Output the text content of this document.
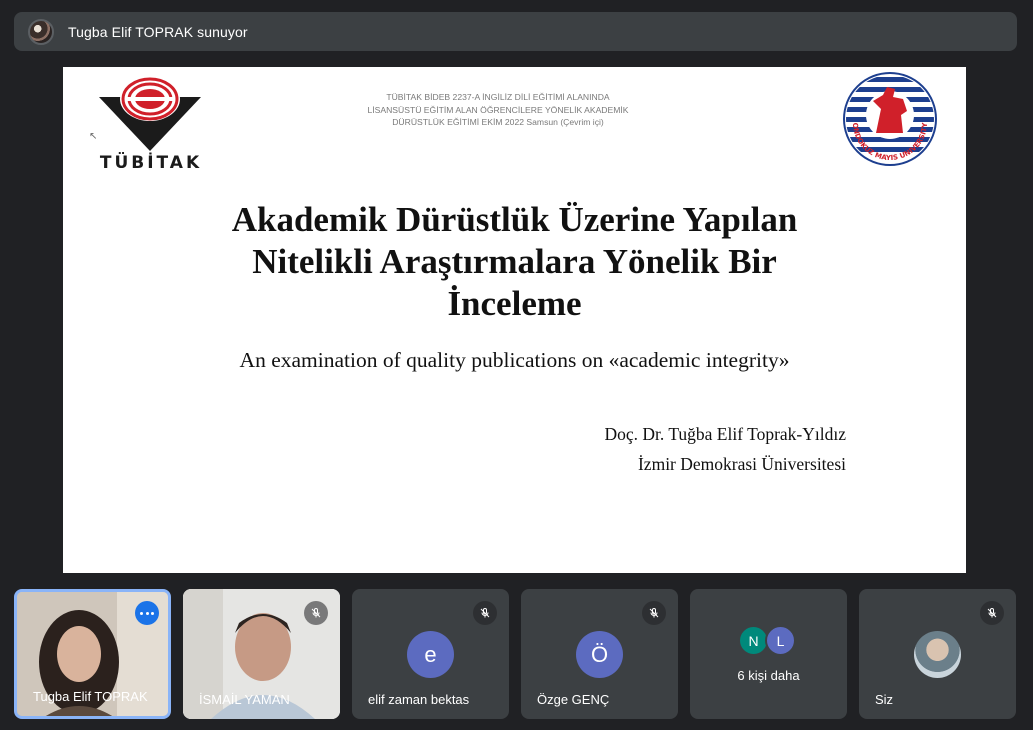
Tugba Elif TOPRAK sunuyor
TÜBİTAK
↖
TÜBİTAK BİDEB 2237-A İNGİLİZ DİLİ EĞİTİMİ ALANINDA
LİSANSÜSTÜ EĞİTİM ALAN ÖĞRENCİLERE YÖNELİK AKADEMİK
DÜRÜSTLÜK EĞİTİMİ EKİM 2022 Samsun (Çevrim içi)	ONDOKUZ MAYIS UNIVERSITY
Akademik Dürüstlük Üzerine Yapılan
Nitelikli Araştırmalara Yönelik Bir
İnceleme
An examination of quality publications on «academic integrity»
Doç. Dr. Tuğba Elif Toprak-Yıldız
İzmir Demokrasi Üniversitesi
Tugba Elif TOPRAK	İSMAİL YAMAN
e
elif zaman bektas
Ö
Özge GENÇ
N	L
6 kişi daha
Siz
